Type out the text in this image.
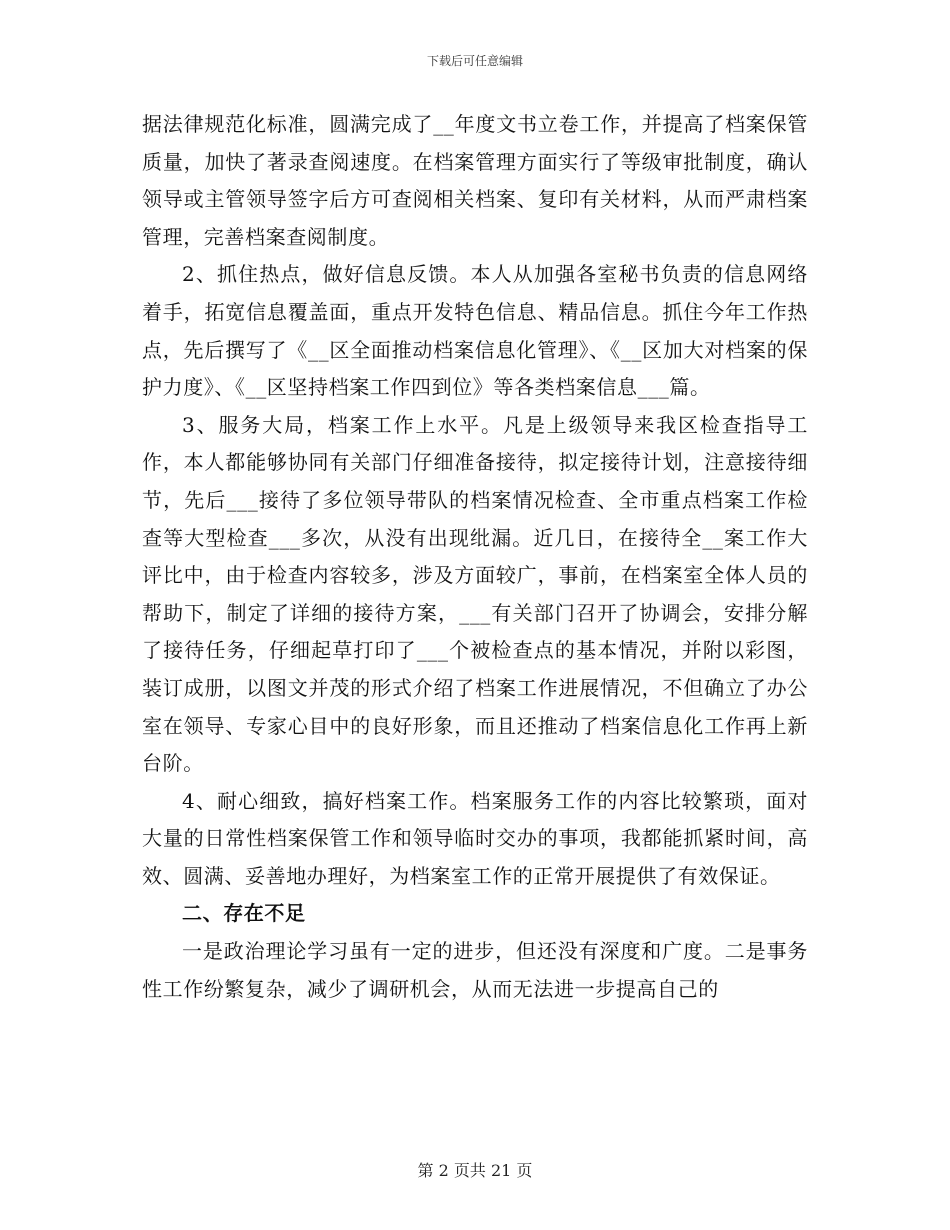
下载后可任意编辑

据法律规范化标准，圆满完成了__年度文书立卷工作，并提高了档案保管质量，加快了著录查阅速度。在档案管理方面实行了等级审批制度，确认领导或主管领导签字后方可查阅相关档案、复印有关材料，从而严肃档案管理，完善档案查阅制度。

2、抓住热点，做好信息反馈。本人从加强各室秘书负责的信息网络着手，拓宽信息覆盖面，重点开发特色信息、精品信息。抓住今年工作热点，先后撰写了《__区全面推动档案信息化管理》、《__区加大对档案的保护力度》、《__区坚持档案工作四到位》等各类档案信息___篇。

3、服务大局，档案工作上水平。凡是上级领导来我区检查指导工作，本人都能够协同有关部门仔细准备接待，拟定接待计划，注意接待细节，先后___接待了多位领导带队的档案情况检查、全市重点档案工作检查等大型检查___多次，从没有出现纰漏。近几日，在接待全__案工作大评比中，由于检查内容较多，涉及方面较广，事前，在档案室全体人员的帮助下，制定了详细的接待方案，___有关部门召开了协调会，安排分解了接待任务，仔细起草打印了___个被检查点的基本情况，并附以彩图，装订成册，以图文并茂的形式介绍了档案工作进展情况，不但确立了办公室在领导、专家心目中的良好形象，而且还推动了档案信息化工作再上新台阶。

4、耐心细致，搞好档案工作。档案服务工作的内容比较繁琐，面对大量的日常性档案保管工作和领导临时交办的事项，我都能抓紧时间，高效、圆满、妥善地办理好，为档案室工作的正常开展提供了有效保证。

二、存在不足

一是政治理论学习虽有一定的进步，但还没有深度和广度。二是事务性工作纷繁复杂，减少了调研机会，从而无法进一步提高自己的

第 2 页共 21 页
